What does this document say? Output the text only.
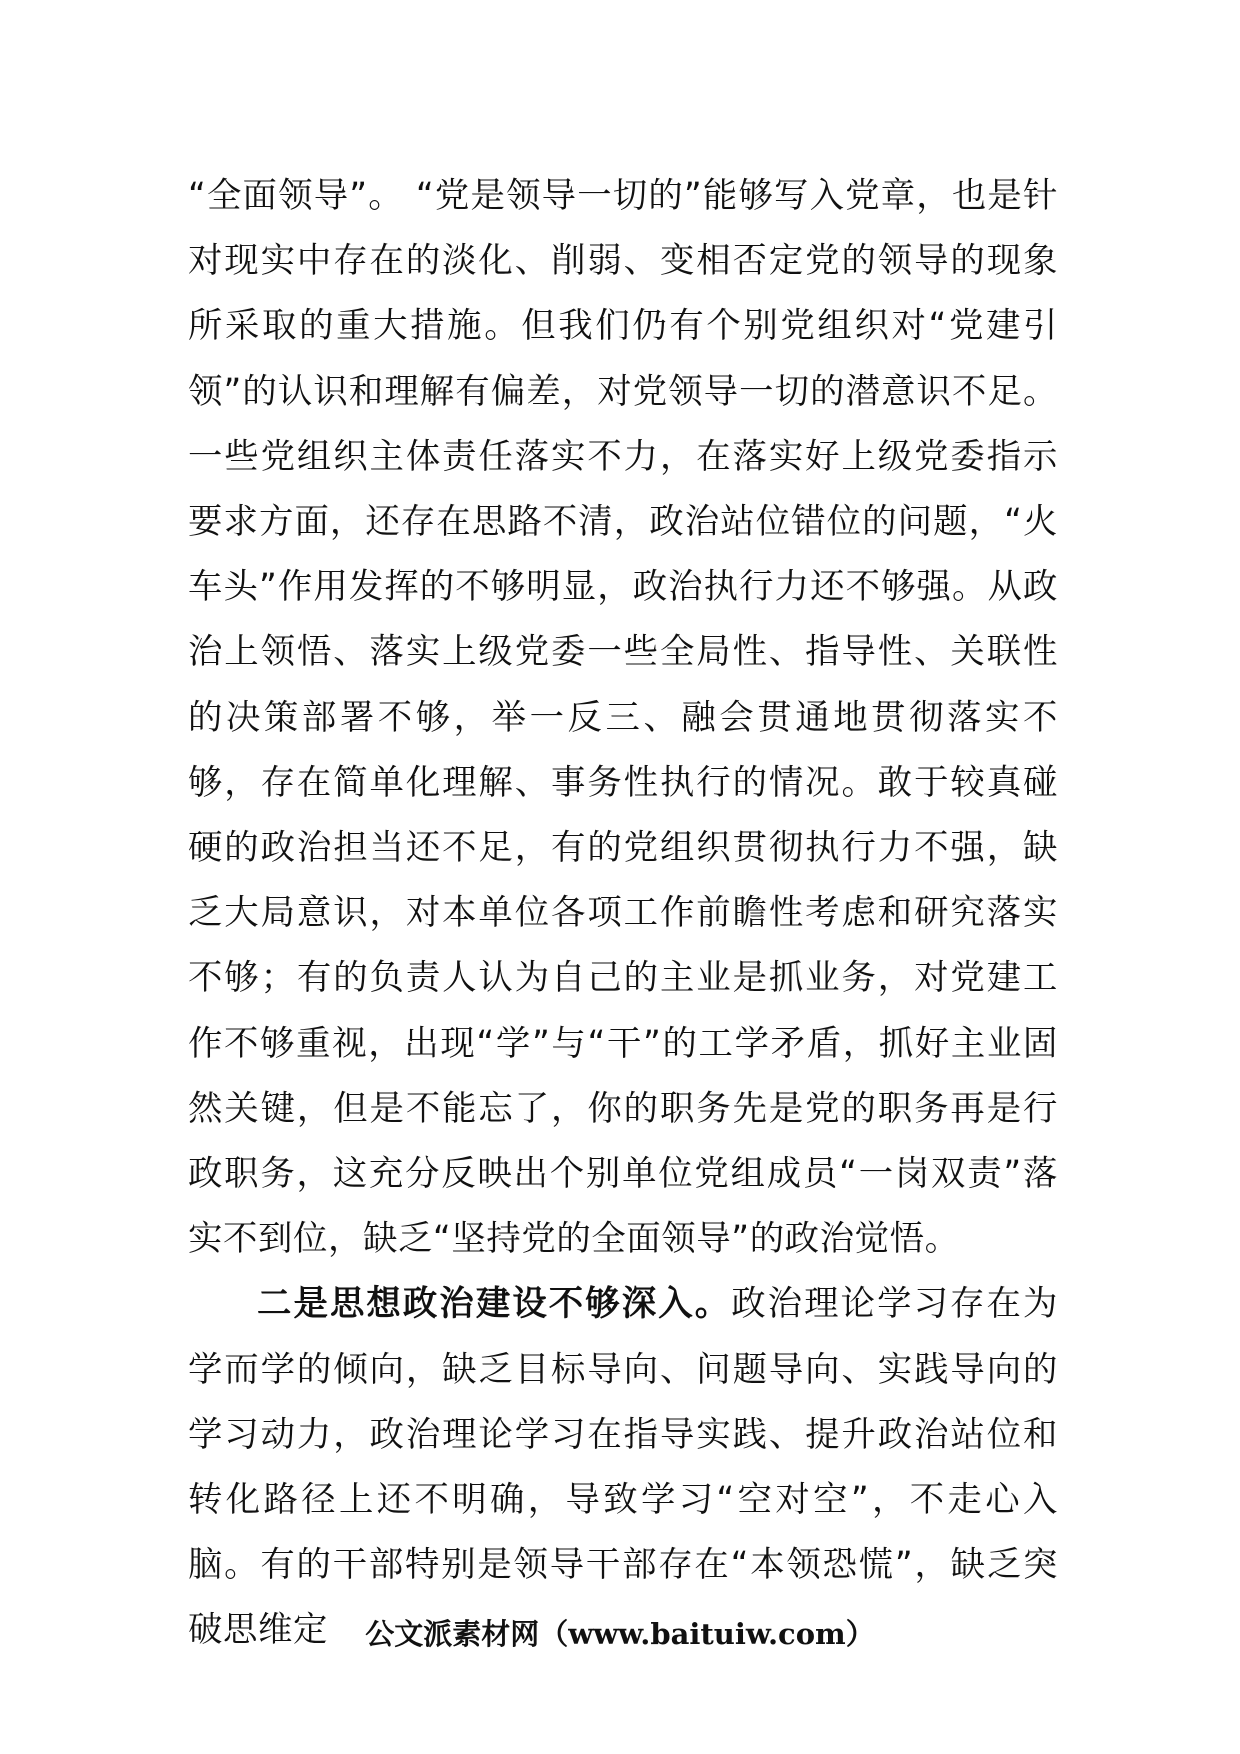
“全面领导”。 “党是领导一切的”能够写入党章，也是针对现实中存在的淡化、削弱、变相否定党的领导的现象所采取的重大措施。但我们仍有个别党组织对“党建引领”的认识和理解有偏差，对党领导一切的潜意识不足。一些党组织主体责任落实不力，在落实好上级党委指示要求方面，还存在思路不清，政治站位错位的问题，“火车头”作用发挥的不够明显，政治执行力还不够强。从政治上领悟、落实上级党委一些全局性、指导性、关联性的决策部署不够，举一反三、融会贯通地贯彻落实不够，存在简单化理解、事务性执行的情况。敢于较真碰硬的政治担当还不足，有的党组织贯彻执行力不强，缺乏大局意识，对本单位各项工作前瞻性考虑和研究落实不够；有的负责人认为自己的主业是抓业务，对党建工作不够重视，出现“学”与“干”的工学矛盾，抓好主业固然关键，但是不能忘了，你的职务先是党的职务再是行政职务，这充分反映出个别单位党组成员“一岗双责”落实不到位，缺乏“坚持党的全面领导”的政治觉悟。

二是思想政治建设不够深入。政治理论学习存在为学而学的倾向，缺乏目标导向、问题导向、实践导向的学习动力，政治理论学习在指导实践、提升政治站位和转化路径上还不明确，导致学习“空对空”，不走心入脑。有的干部特别是领导干部存在“本领恐慌”，缺乏突破思维定	公文派素材网（www.baituiw.com）
